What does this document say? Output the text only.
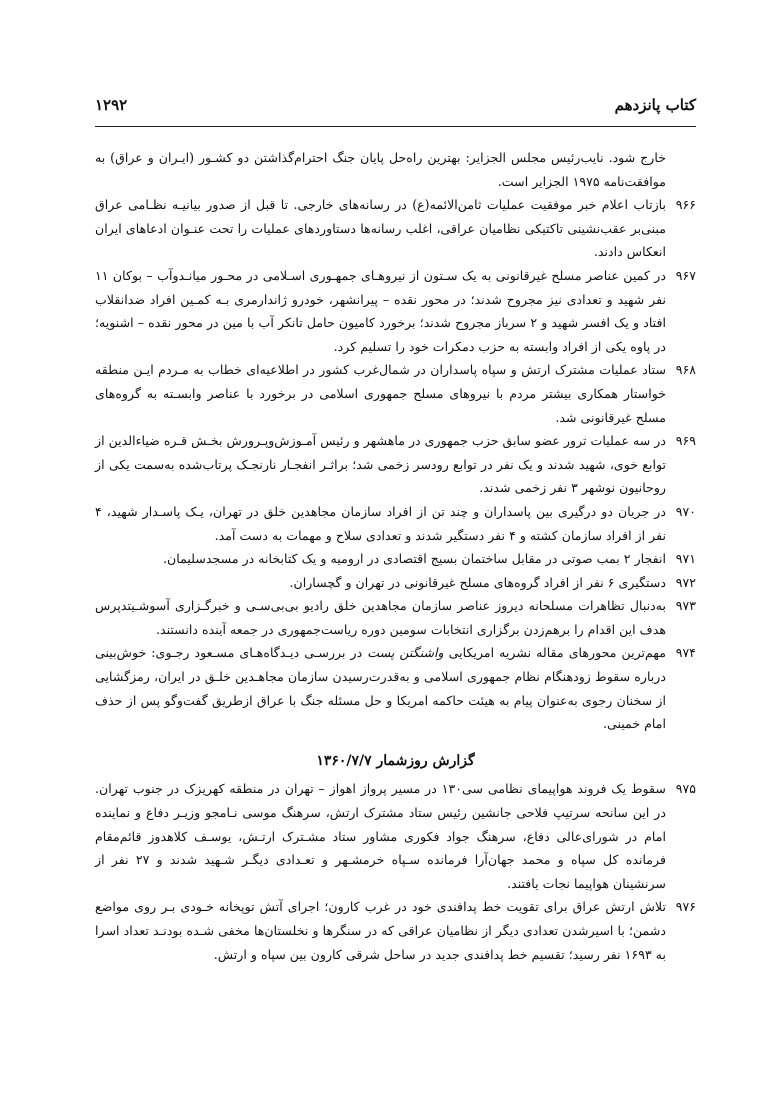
کتاب پانزدهم
۱۲۹۲

خارج شود. نایب‌رئیس مجلس الجزایر: بهترین راه‌حل پایان جنگ احترام‌گذاشتن دو کشـور (ایـران و عراق) به موافقت‌نامه ۱۹۷۵ الجزایر است.

۹۶۶
بازتاب اعلام خبر موفقیت عملیات ثامن‌الائمه(ع) در رسانه‌های خارجی. تا قبل از صدور بیانیـه نظـامی عراق مبنی‌بر عقب‌نشینی تاکتیکی نظامیان عراقی، اغلب رسانه‌ها دستاوردهای عملیات را تحت عنـوان ادعاهای ایران انعکاس دادند.

۹۶۷
در کمین عناصر مسلح غیرقانونی به یک سـتون از نیروهـای جمهـوری اسـلامی در محـور میانـدوآب – بوکان ۱۱ نفر شهید و تعدادی نیز مجروح شدند؛ در محور نقده – پیرانشهر، خودرو ژاندارمری بـه کمـین افراد ضدانقلاب افتاد و یک افسر شهید و ۲ سرباز مجروح شدند؛ برخورد کامیون حامل تانکر آب با مین در محور نقده – اشنویه؛ در پاوه یکی از افراد وابسته به حزب دمکرات خود را تسلیم کرد.

۹۶۸
ستاد عملیات مشترک ارتش و سپاه پاسداران در شمال‌غرب کشور در اطلاعیه‌ای خطاب به مـردم ایـن منطقه خواستار همکاری بیشتر مردم با نیروهای مسلح جمهوری اسلامی در برخورد با عناصر وابسـته به گروه‌های مسلح غیرقانونی شد.

۹۶۹
در سه عملیات ترور عضو سابق حزب جمهوری در ماهشهر و رئیس آمـوزش‌وپـرورش بخـش قـره ضیاءالدین از توابع خوی، شهید شدند و یک نفر در توابع رودسر زخمی شد؛ براثـر انفجـار نارنجـک پرتاب‌شده به‌سمت یکی از روحانیون نوشهر ۳ نفر زخمی شدند.

۹۷۰
در جریان دو درگیری بین پاسداران و چند تن از افراد سازمان مجاهدین خلق در تهران، یـک پاسـدار شهید، ۴ نفر از افراد سازمان کشته و ۴ نفر دستگیر شدند و تعدادی سلاح و مهمات به دست آمد.

۹۷۱
انفجار ۲ بمب صوتی در مقابل ساختمان بسیج اقتصادی در ارومیه و یک کتابخانه در مسجدسلیمان.

۹۷۲
دستگیری ۶ نفر از افراد گروه‌های مسلح غیرقانونی در تهران و گچساران.

۹۷۳
به‌دنبال تظاهرات مسلحانه دیروز عناصر سازمان مجاهدین خلق رادیو بی‌بی‌سـی و خبرگـزاری آسوشـیتدپرس هدف این اقدام را برهم‌زدن برگزاری انتخابات سومین دوره ریاست‌جمهوری در جمعه آینده دانستند.

۹۷۴
مهم‌ترین محورهای مقاله نشریه امریکایی واشنگتن پست در بررسـی دیـدگاه‌هـای مسـعود رجـوی: خوش‌بینی درباره سقوط زودهنگام نظام جمهوری اسلامی و به‌قدرت‌رسیدن سازمان مجاهـدین خلـق در ایران، رمزگشایی از سخنان رجوی به‌عنوان پیام به هیئت حاکمه امریکا و حل مسئله جنگ با عراق ازطریق گفت‌وگو پس از حذف امام خمینی.

گزارش روزشمار ۱۳۶۰/۷/۷

۹۷۵
سقوط یک فروند هواپیمای نظامی سی۱۳۰ در مسیر پرواز اهواز – تهران در منطقه کهریزک در جنوب تهران. در این سانحه سرتیپ فلاحی جانشین رئیس ستاد مشترک ارتش، سرهنگ موسی نـامجو وزیـر دفاع و نماینده امام در شورای‌عالی دفاع، سرهنگ جواد فکوری مشاور ستاد مشـترک ارتـش، یوسـف کلاهدوز قائم‌مقام فرمانده کل سپاه و محمد جهان‌آرا فرمانده سـپاه خرمشـهر و تعـدادی دیگـر شـهید شدند و ۲۷ نفر از سرنشینان هواپیما نجات یافتند.

۹۷۶
تلاش ارتش عراق برای تقویت خط پدافندی خود در غرب کارون؛ اجرای آتش توپخانه خـودی بـر روی مواضع دشمن؛ با اسیرشدن تعدادی دیگر از نظامیان عراقی که در سنگرها و نخلستان‌ها مخفی شـده بودنـد تعداد اسرا به ۱۶۹۳ نفر رسید؛ تقسیم خط پدافندی جدید در ساحل شرقی کارون بین سپاه و ارتش.
